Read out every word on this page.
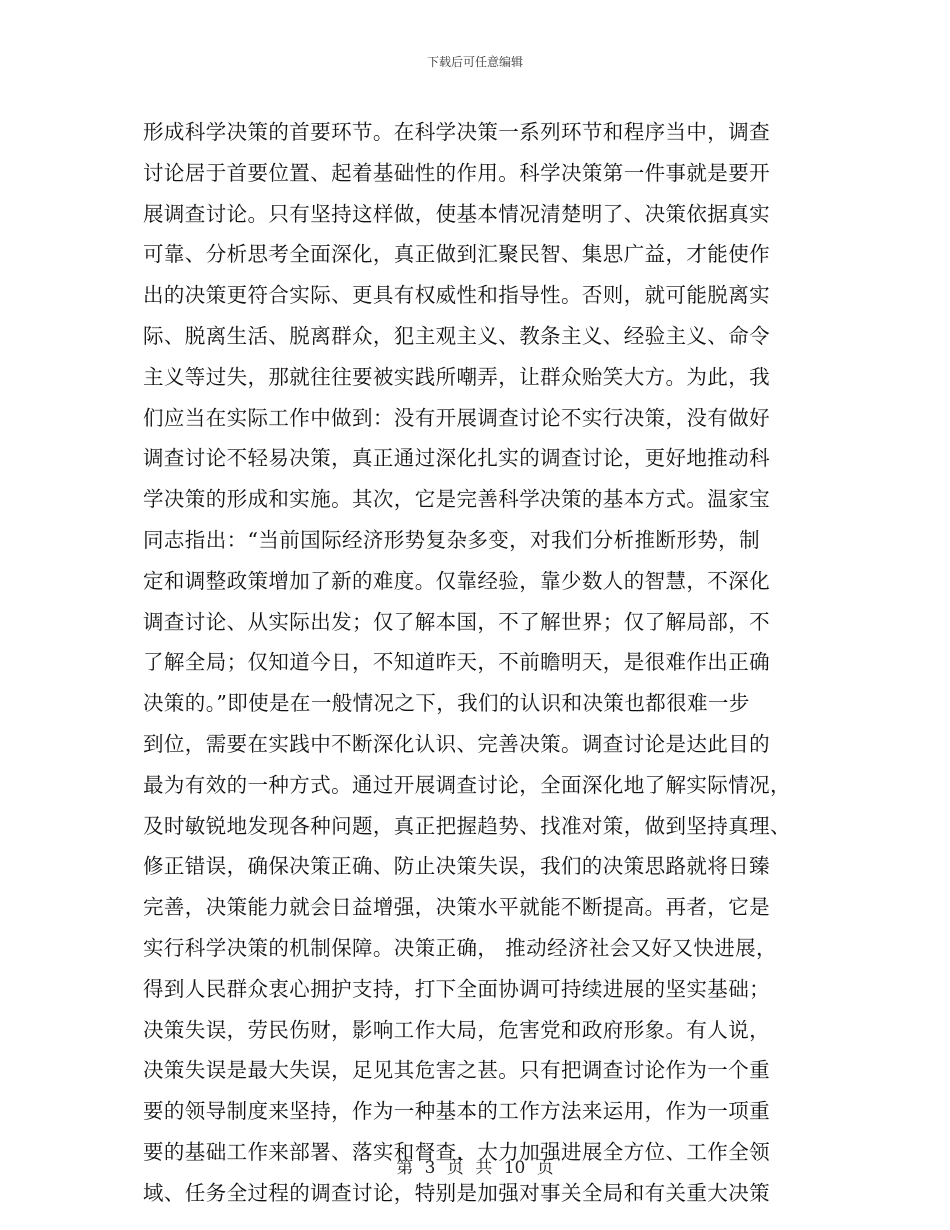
下载后可任意编辑
形成科学决策的首要环节。在科学决策一系列环节和程序当中，调查
讨论居于首要位置、起着基础性的作用。科学决策第一件事就是要开
展调查讨论。只有坚持这样做，使基本情况清楚明了、决策依据真实
可靠、分析思考全面深化，真正做到汇聚民智、集思广益，才能使作
出的决策更符合实际、更具有权威性和指导性。否则，就可能脱离实
际、脱离生活、脱离群众，犯主观主义、教条主义、经验主义、命令
主义等过失，那就往往要被实践所嘲弄，让群众贻笑大方。为此，我
们应当在实际工作中做到：没有开展调查讨论不实行决策，没有做好
调查讨论不轻易决策，真正通过深化扎实的调查讨论，更好地推动科
学决策的形成和实施。其次，它是完善科学决策的基本方式。温家宝
同志指出：“当前国际经济形势复杂多变，对我们分析推断形势，制
定和调整政策增加了新的难度。仅靠经验，靠少数人的智慧，不深化
调查讨论、从实际出发；仅了解本国，不了解世界；仅了解局部，不
了解全局；仅知道今日，不知道昨天，不前瞻明天，是很难作出正确
决策的。”即使是在一般情况之下，我们的认识和决策也都很难一步
到位，需要在实践中不断深化认识、完善决策。调查讨论是达此目的
最为有效的一种方式。通过开展调查讨论，全面深化地了解实际情况，
及时敏锐地发现各种问题，真正把握趋势、找准对策，做到坚持真理、
修正错误，确保决策正确、防止决策失误，我们的决策思路就将日臻
完善，决策能力就会日益增强，决策水平就能不断提高。再者，它是
实行科学决策的机制保障。决策正确， 推动经济社会又好又快进展，
得到人民群众衷心拥护支持，打下全面协调可持续进展的坚实基础；
决策失误，劳民伤财，影响工作大局，危害党和政府形象。有人说，
决策失误是最大失误，足见其危害之甚。只有把调查讨论作为一个重
要的领导制度来坚持，作为一种基本的工作方法来运用，作为一项重
要的基础工作来部署、落实和督查，大力加强进展全方位、工作全领
域、任务全过程的调查讨论，特别是加强对事关全局和有关重大决策
第 3 页 共 10 页
